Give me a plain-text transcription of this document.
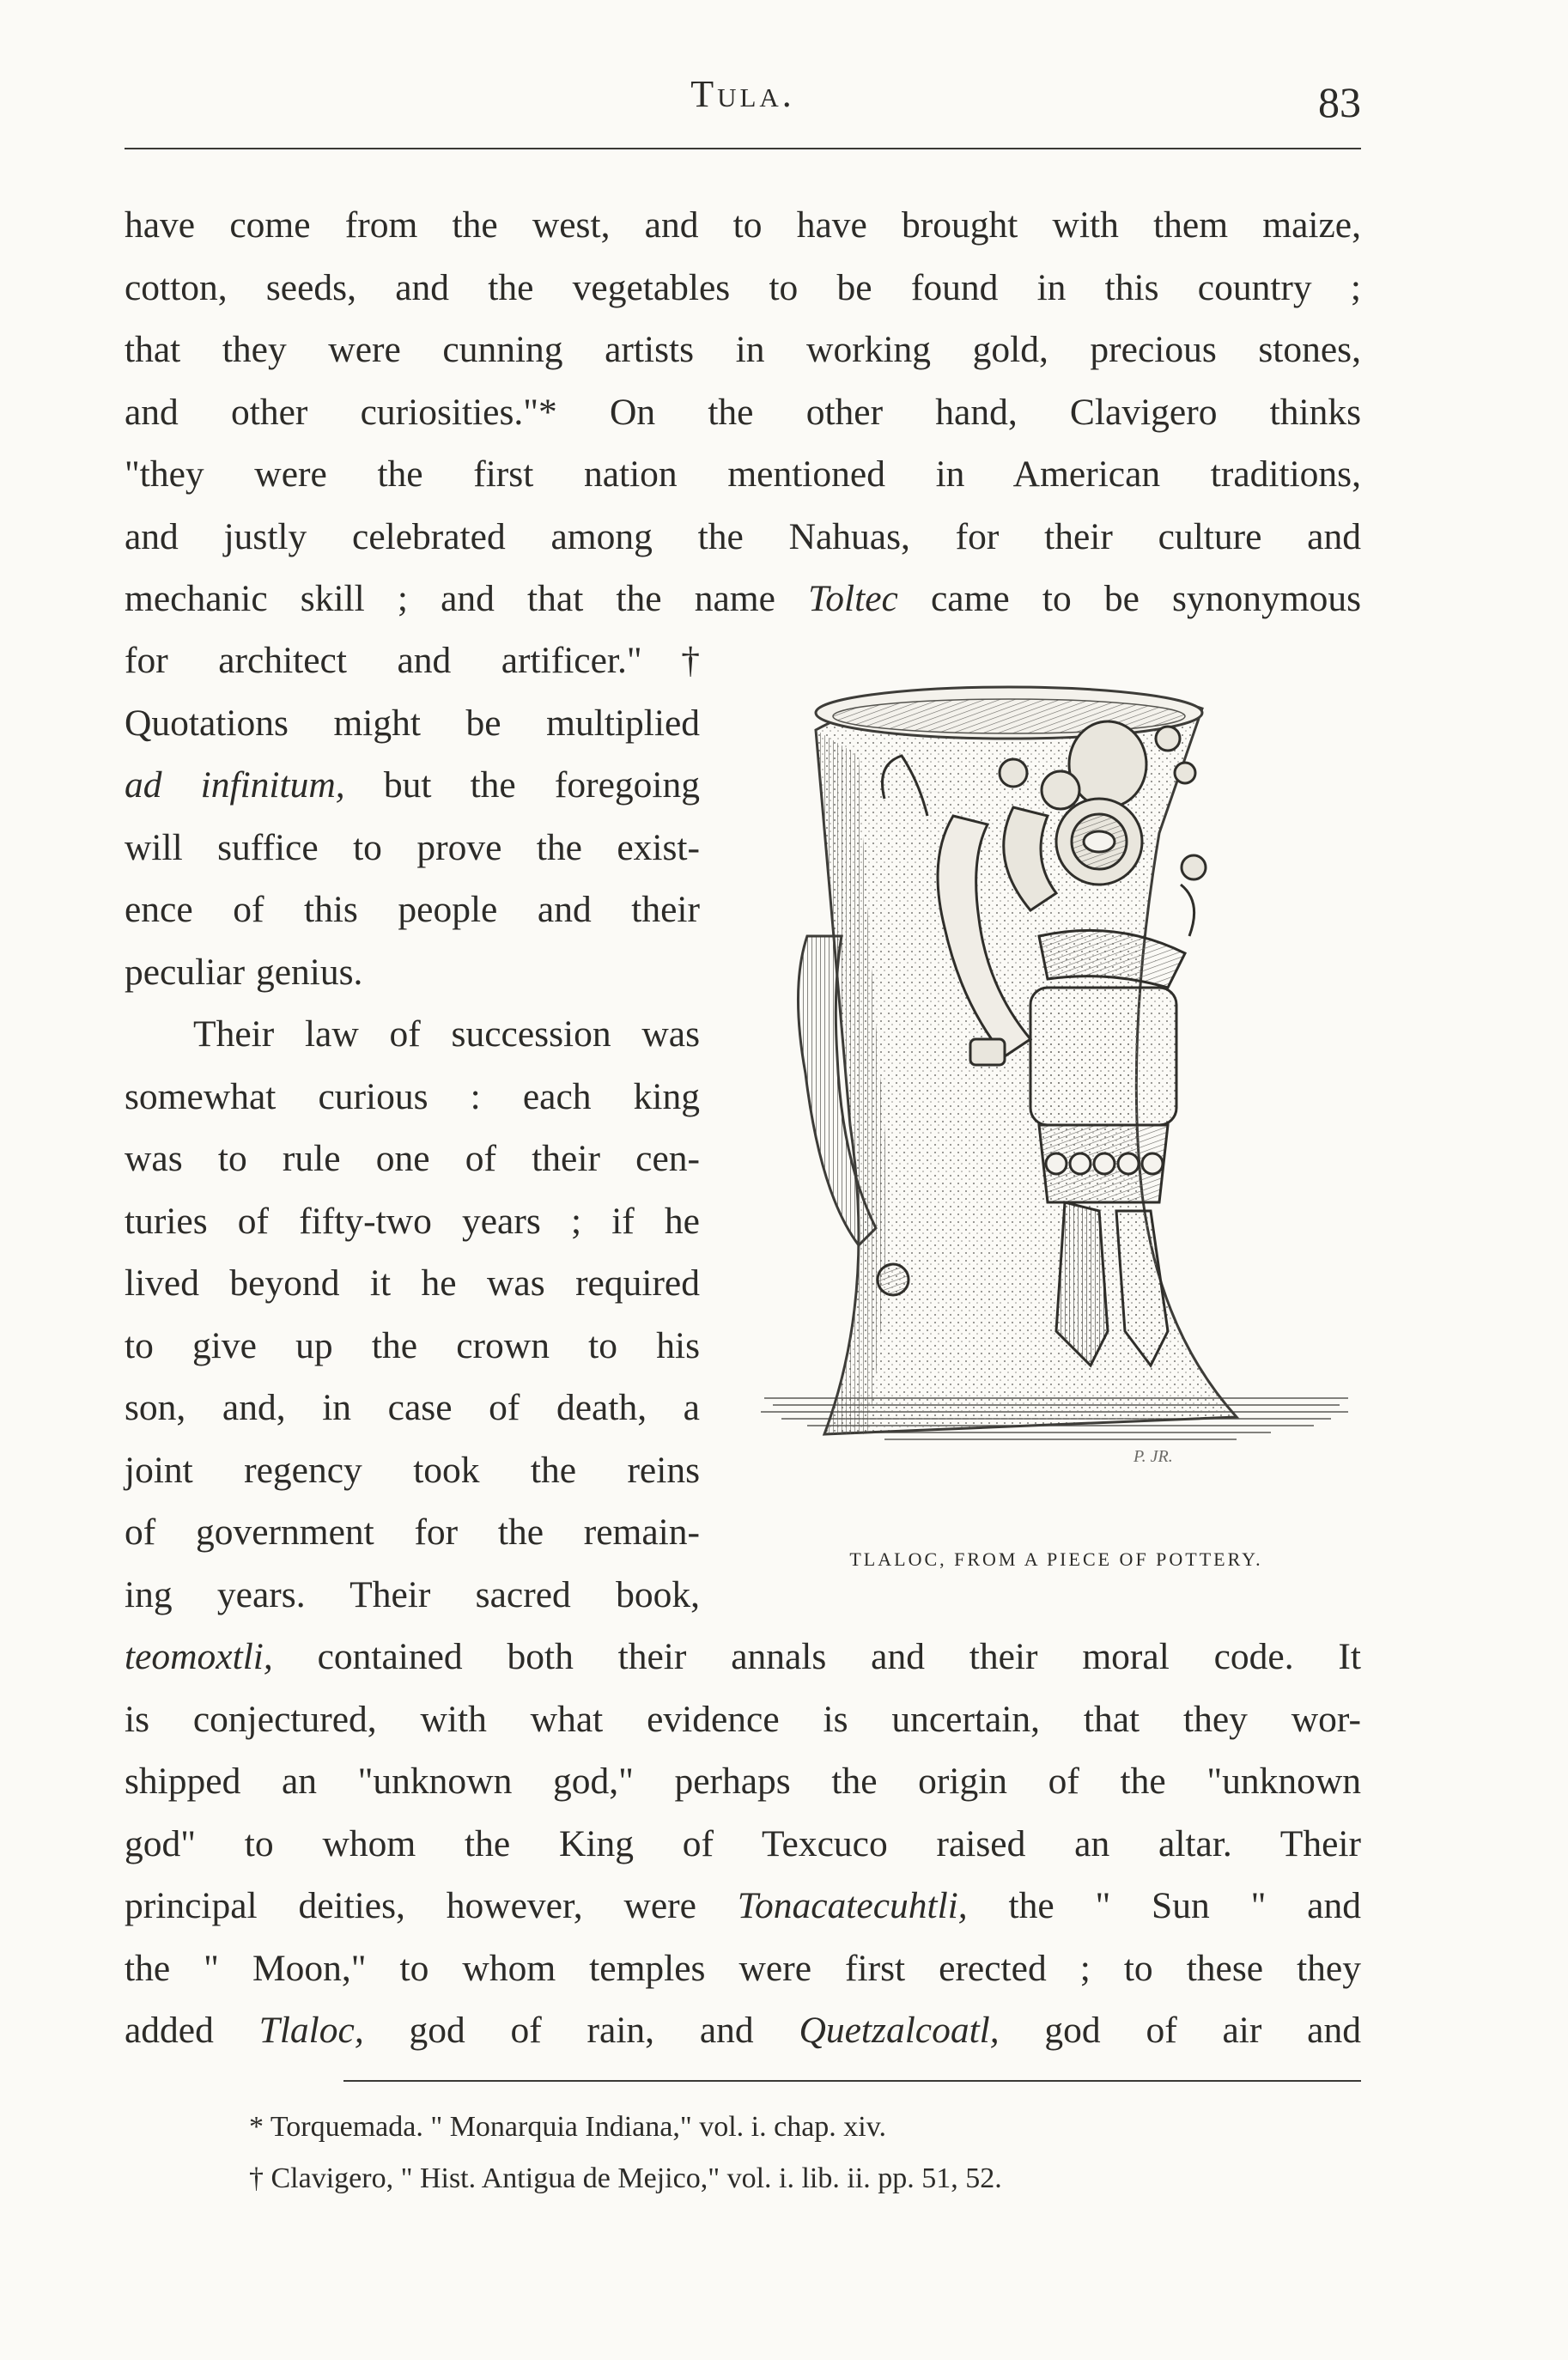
Tula.	83

have come from the west, and to have brought with them maize,
cotton, seeds, and the vegetables to be found in this country ;
that they were cunning artists in working gold, precious stones,
and other curiosities."* On the other hand, Clavigero thinks
"they were the first nation mentioned in American traditions,
and justly celebrated among the Nahuas, for their culture and
mechanic skill ; and that the name Toltec came to be synonymous

for architect and artificer."†
Quotations might be multiplied
ad infinitum, but the foregoing
will suffice to prove the exist-
ence of this people and their
peculiar genius.
Their law of succession was
somewhat curious : each king
was to rule one of their cen-
turies of fifty-two years ; if he
lived beyond it he was required
to give up the crown to his
son, and, in case of death, a
joint regency took the reins
of government for the remain-
ing years. Their sacred book,

P. JR.
TLALOC, FROM A PIECE OF POTTERY.

teomoxtli, contained both their annals and their moral code. It
is conjectured, with what evidence is uncertain, that they wor-
shipped an "unknown god," perhaps the origin of the "unknown
god" to whom the King of Texcuco raised an altar. Their
principal deities, however, were Tonacatecuhtli, the " Sun " and
the " Moon," to whom temples were first erected ; to these they
added Tlaloc, god of rain, and Quetzalcoatl, god of air and

* Torquemada. " Monarquia Indiana," vol. i. chap. xiv.
† Clavigero, " Hist. Antigua de Mejico," vol. i. lib. ii. pp. 51, 52.
